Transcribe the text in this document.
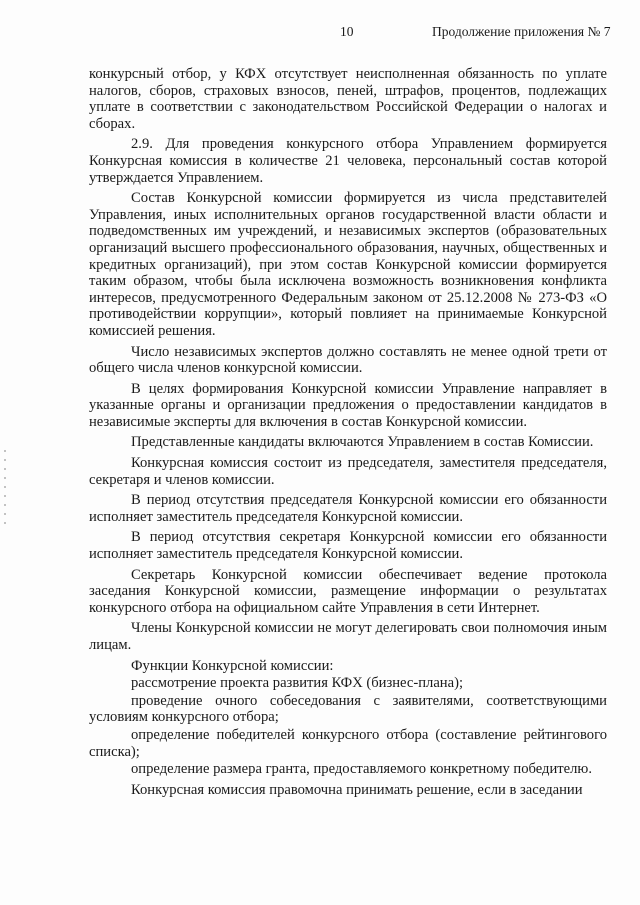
10	Продолжение приложения № 7

конкурсный отбор, у КФХ отсутствует неисполненная обязанность по уплате налогов, сборов, страховых взносов, пеней, штрафов, процентов, подлежащих уплате в соответствии с законодательством Российской Федерации о налогах и сборах.

2.9. Для проведения конкурсного отбора Управлением формируется Конкурсная комиссия в количестве 21 человека, персональный состав которой утверждается Управлением.

Состав Конкурсной комиссии формируется из числа представителей Управления, иных исполнительных органов государственной власти области и подведомственных им учреждений, и независимых экспертов (образовательных организаций высшего профессионального образования, научных, общественных и кредитных организаций), при этом состав Конкурсной комиссии формируется таким образом, чтобы была исключена возможность возникновения конфликта интересов, предусмотренного Федеральным законом от 25.12.2008 № 273-ФЗ «О противодействии коррупции», который повлияет на принимаемые Конкурсной комиссией решения.

Число независимых экспертов должно составлять не менее одной трети от общего числа членов конкурсной комиссии.

В целях формирования Конкурсной комиссии Управление направляет в указанные органы и организации предложения о предоставлении кандидатов в независимые эксперты для включения в состав Конкурсной комиссии.

Представленные кандидаты включаются Управлением в состав Комиссии.

Конкурсная комиссия состоит из председателя, заместителя председателя, секретаря и членов комиссии.

В период отсутствия председателя Конкурсной комиссии его обязанности исполняет заместитель председателя Конкурсной комиссии.

В период отсутствия секретаря Конкурсной комиссии его обязанности исполняет заместитель председателя Конкурсной комиссии.

Секретарь Конкурсной комиссии обеспечивает ведение протокола заседания Конкурсной комиссии, размещение информации о результатах конкурсного отбора на официальном сайте Управления в сети Интернет.

Члены Конкурсной комиссии не могут делегировать свои полномочия иным лицам.

Функции Конкурсной комиссии:

рассмотрение проекта развития КФХ (бизнес-плана);

проведение очного собеседования с заявителями, соответствующими условиям конкурсного отбора;

определение победителей конкурсного отбора (составление рейтингового списка);

определение размера гранта, предоставляемого конкретному победителю.

Конкурсная комиссия правомочна принимать решение, если в заседании
